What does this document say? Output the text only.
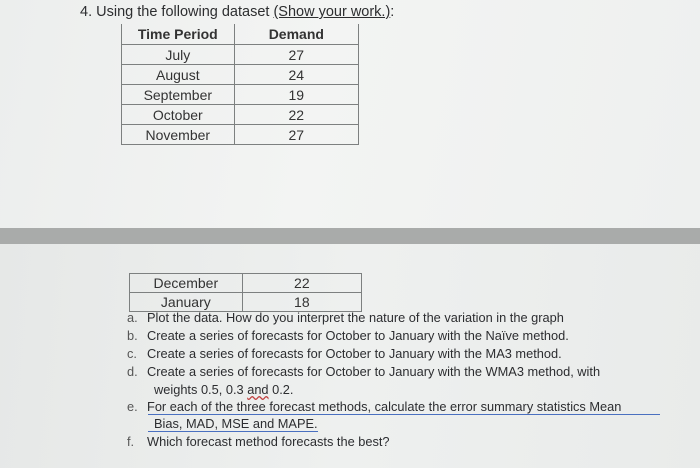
4. Using the following dataset (Show your work.):
Time Period	Demand
July	27
August	24
September	19
October	22
November	27
December	22
January	18
a. Plot the data. How do you interpret the nature of the variation in the graph
b. Create a series of forecasts for October to January with the Naïve method.
c. Create a series of forecasts for October to January with the MA3 method.
d. Create a series of forecasts for October to January with the WMA3 method, with
weights 0.5, 0.3 and 0.2.
e. For each of the three forecast methods, calculate the error summary statistics Mean
Bias, MAD, MSE and MAPE.
f. Which forecast method forecasts the best?
